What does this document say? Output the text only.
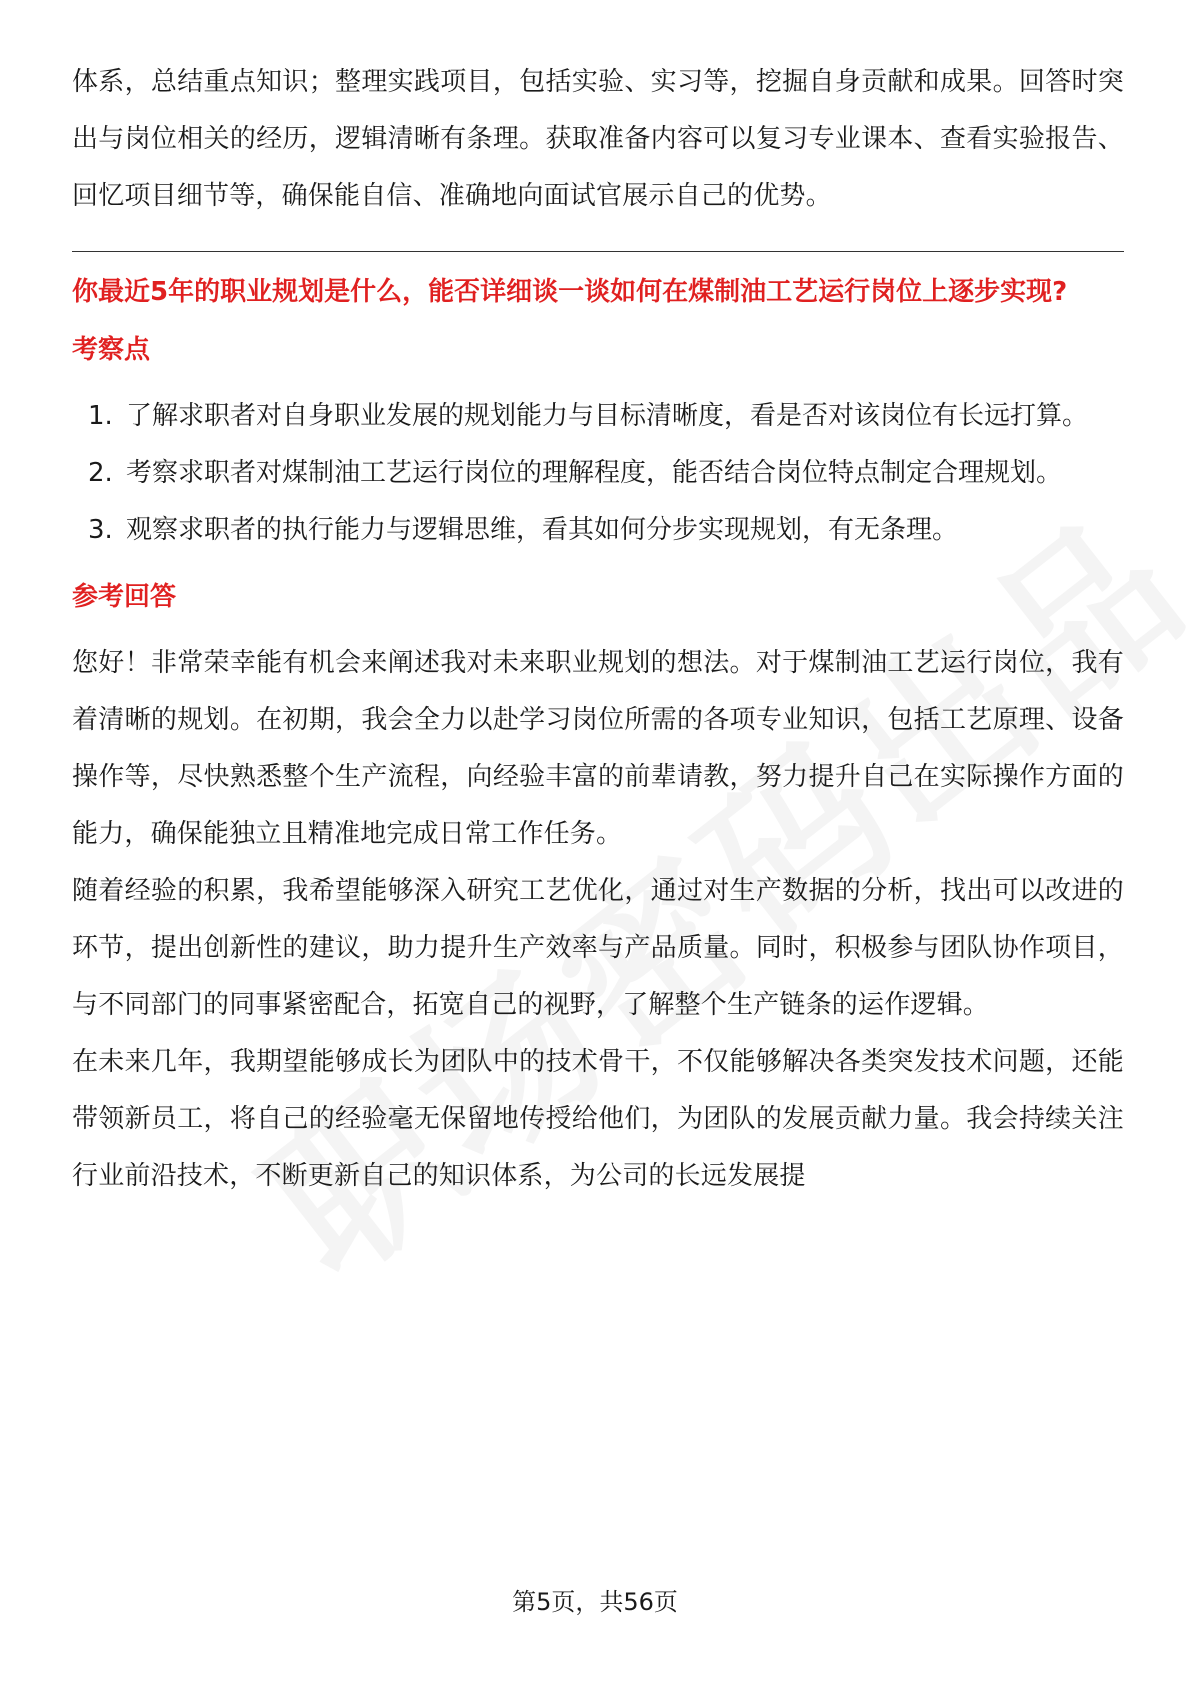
体系，总结重点知识；整理实践项目，包括实验、实习等，挖掘自身贡献和成果。回答时突出与岗位相关的经历，逻辑清晰有条理。获取准备内容可以复习专业课本、查看实验报告、回忆项目细节等，确保能自信、准确地向面试官展示自己的优势。

你最近5年的职业规划是什么，能否详细谈一谈如何在煤制油工艺运行岗位上逐步实现?
考察点
1. 了解求职者对自身职业发展的规划能力与目标清晰度，看是否对该岗位有长远打算。
2. 考察求职者对煤制油工艺运行岗位的理解程度，能否结合岗位特点制定合理规划。
3. 观察求职者的执行能力与逻辑思维，看其如何分步实现规划，有无条理。
参考回答

您好！非常荣幸能有机会来阐述我对未来职业规划的想法。对于煤制油工艺运行岗位，我有着清晰的规划。在初期，我会全力以赴学习岗位所需的各项专业知识，包括工艺原理、设备操作等，尽快熟悉整个生产流程，向经验丰富的前辈请教，努力提升自己在实际操作方面的能力，确保能独立且精准地完成日常工作任务。

随着经验的积累，我希望能够深入研究工艺优化，通过对生产数据的分析，找出可以改进的环节，提出创新性的建议，助力提升生产效率与产品质量。同时，积极参与团队协作项目，与不同部门的同事紧密配合，拓宽自己的视野，了解整个生产链条的运作逻辑。

在未来几年，我期望能够成长为团队中的技术骨干，不仅能够解决各类突发技术问题，还能带领新员工，将自己的经验毫无保留地传授给他们，为团队的发展贡献力量。我会持续关注行业前沿技术，不断更新自己的知识体系，为公司的长远发展提

第5页，共56页
